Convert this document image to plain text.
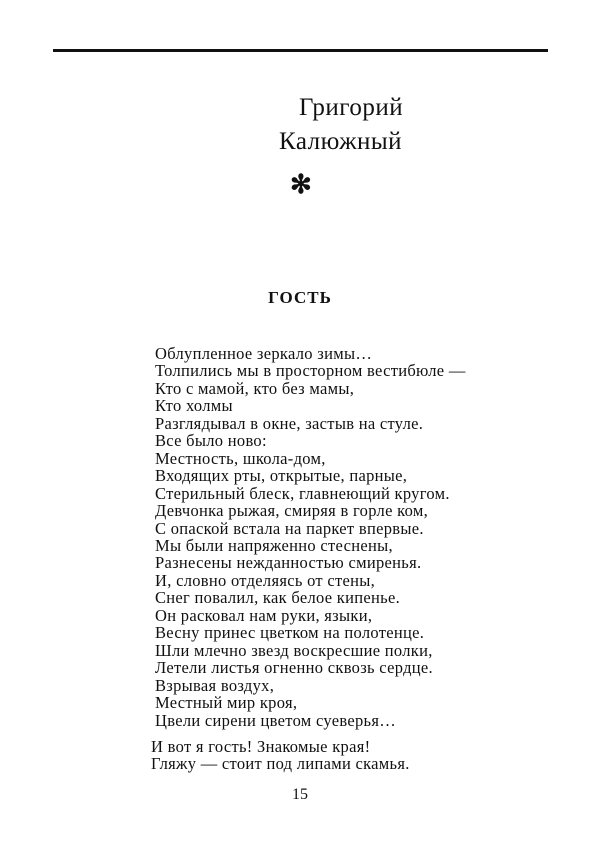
Григорий
Калюжный
✻
ГОСТЬ
Облупленное зеркало зимы…
Толпились мы в просторном вестибюле —
Кто с мамой, кто без мамы,
Кто холмы
Разглядывал в окне, застыв на стуле.
Все было ново:
Местность, школа-дом,
Входящих рты, открытые, парные,
Стерильный блеск, главнеющий кругом.
Девчонка рыжая, смиряя в горле ком,
С опаской встала на паркет впервые.
Мы были напряженно стеснены,
Разнесены нежданностью смиренья.
И, словно отделяясь от стены,
Снег повалил, как белое кипенье.
Он расковал нам руки, языки,
Весну принес цветком на полотенце.
Шли млечно звезд воскресшие полки,
Летели листья огненно сквозь сердце.
Взрывая воздух,
Местный мир кроя,
Цвели сирени цветом суеверья…
И вот я гость! Знакомые края!
Гляжу — стоит под липами скамья.
15
